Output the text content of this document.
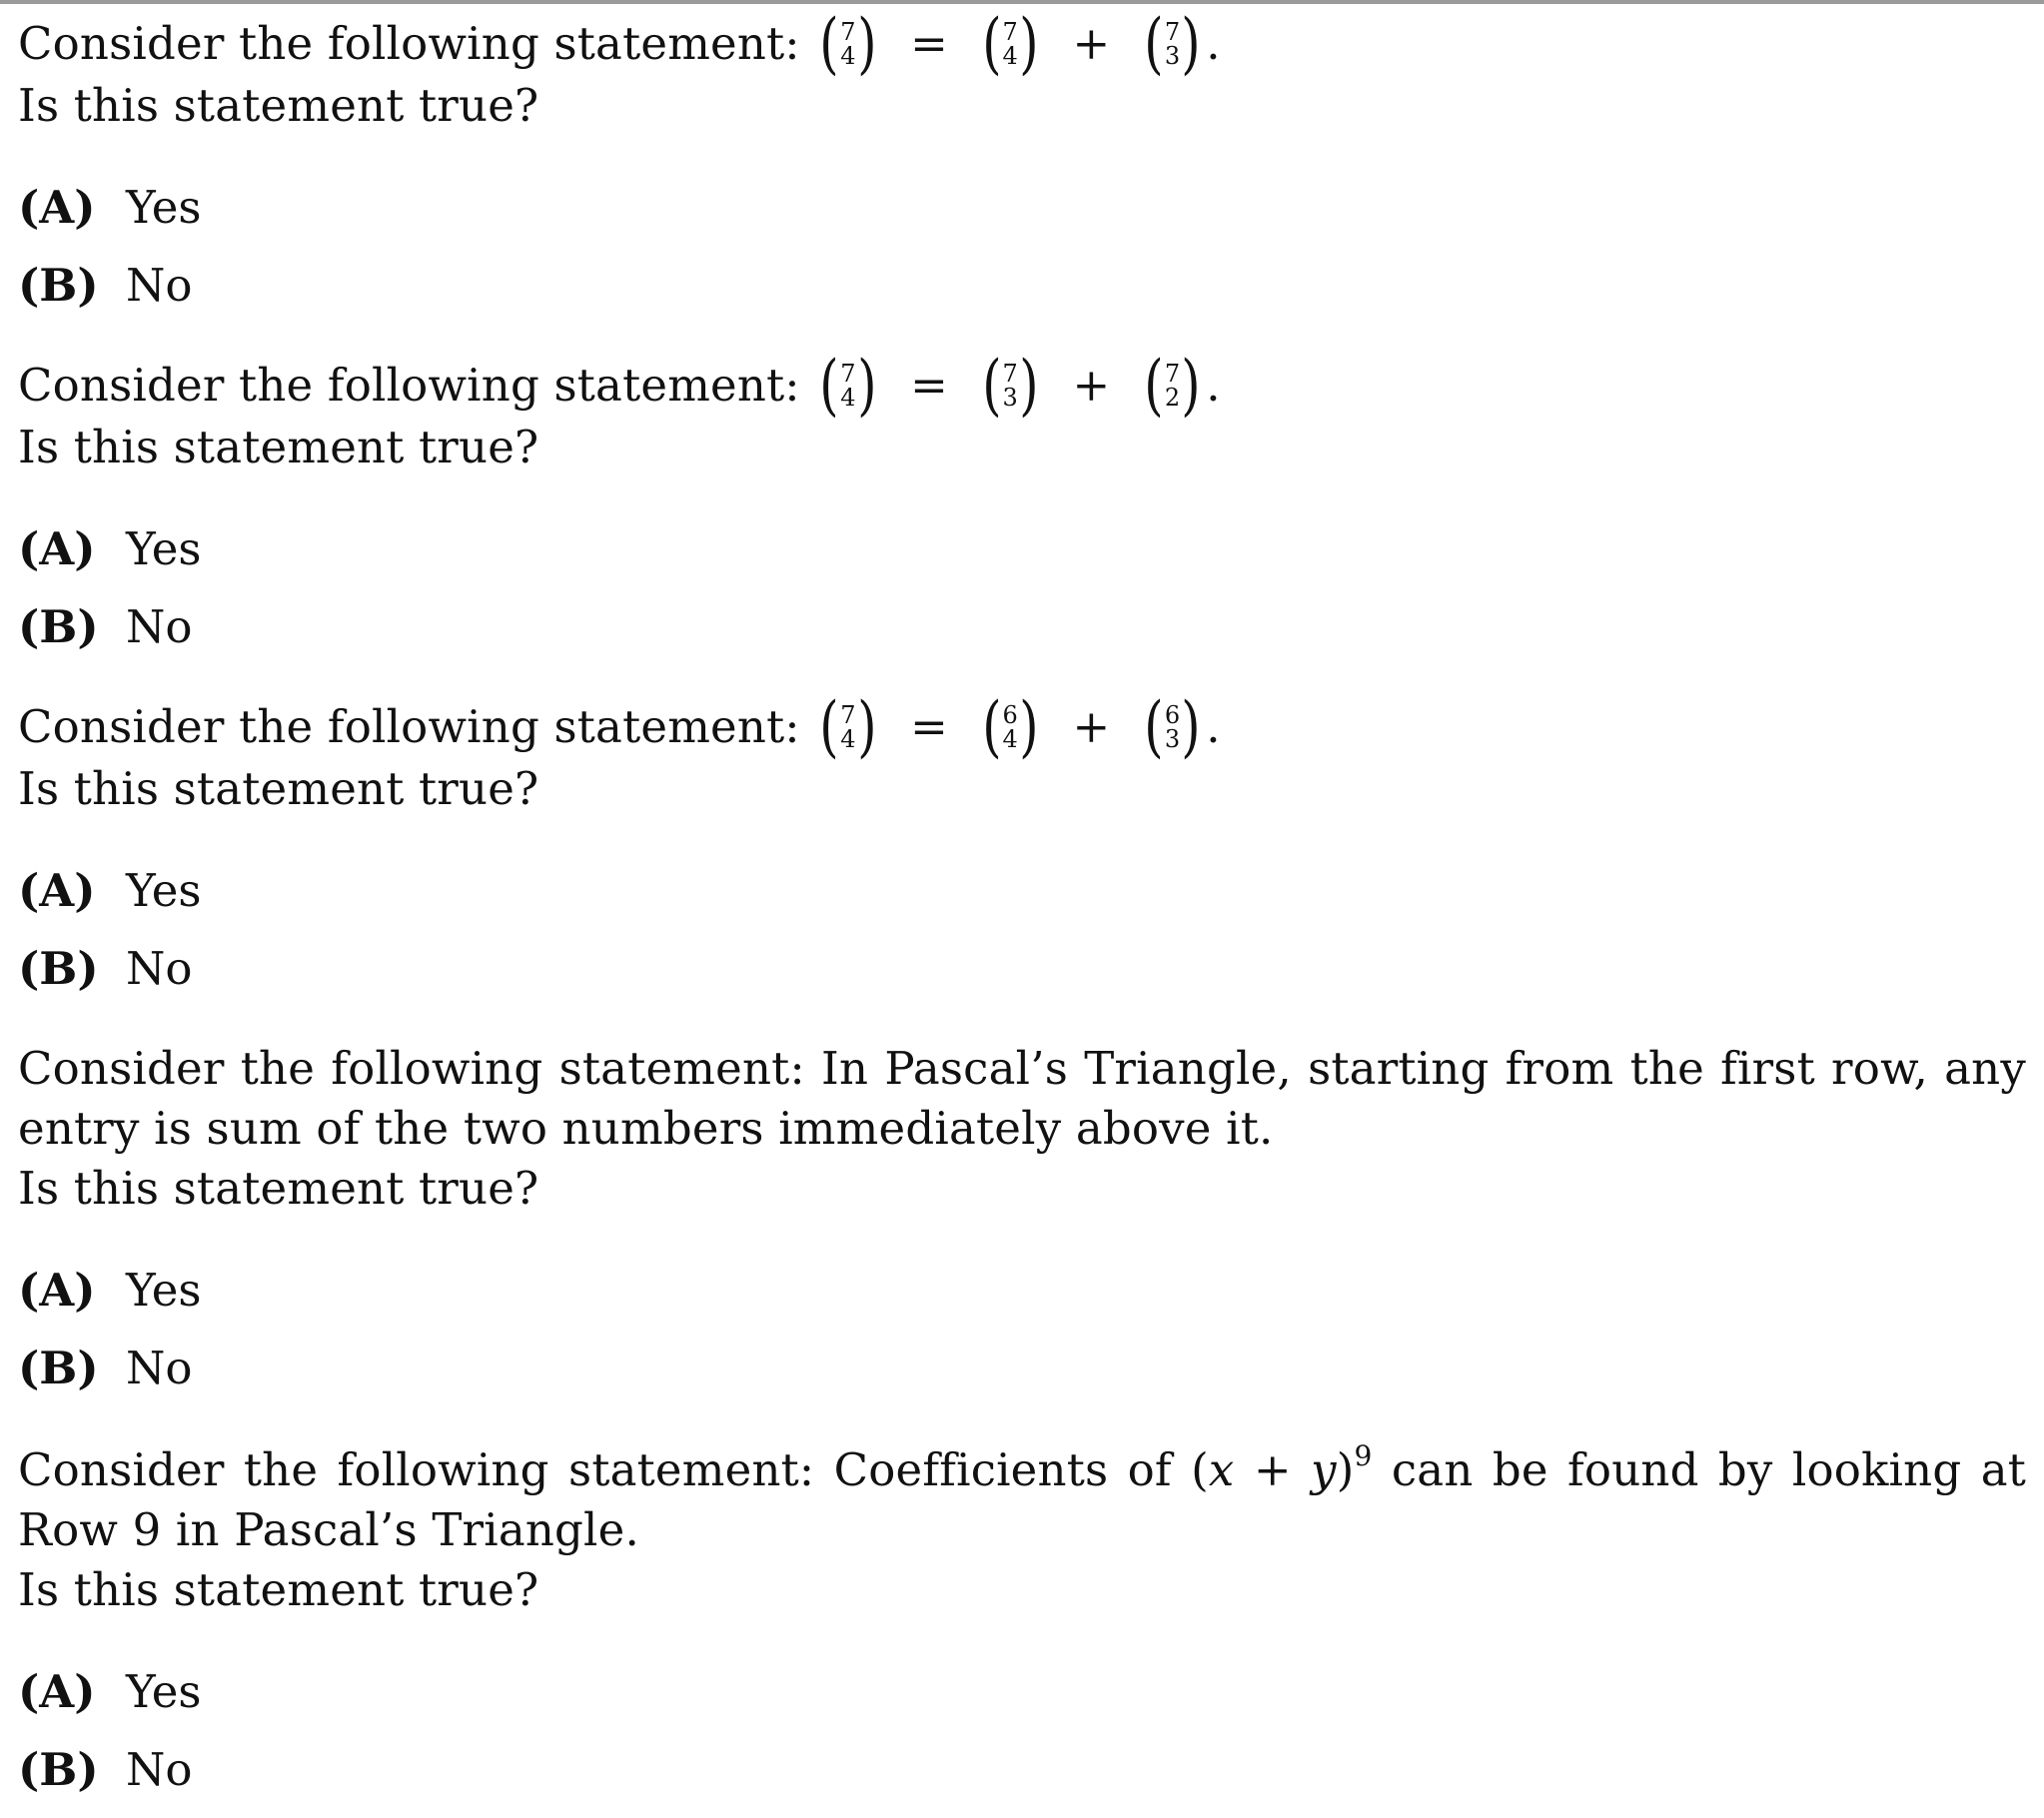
Consider the following statement: ( 7
4 ) = ( 7
4 ) + ( 7
3 ) .
Is this statement true?
(A) Yes
(B) No
Consider the following statement: ( 7
4 ) = ( 7
3 ) + ( 7
2 ) .
Is this statement true?
(A) Yes
(B) No
Consider the following statement: ( 7
4 ) = ( 6
4 ) + ( 6
3 ) .
Is this statement true?
(A) Yes
(B) No
Consider the following statement: In Pascal’s Triangle, starting from the first row, any entry is sum of the two numbers immediately above it.
Is this statement true?
(A) Yes
(B) No
Consider the following statement: Coefficients of $(x + y)^9$ can be found by looking at Row 9 in Pascal’s Triangle.
Is this statement true?
(A) Yes
(B) No
